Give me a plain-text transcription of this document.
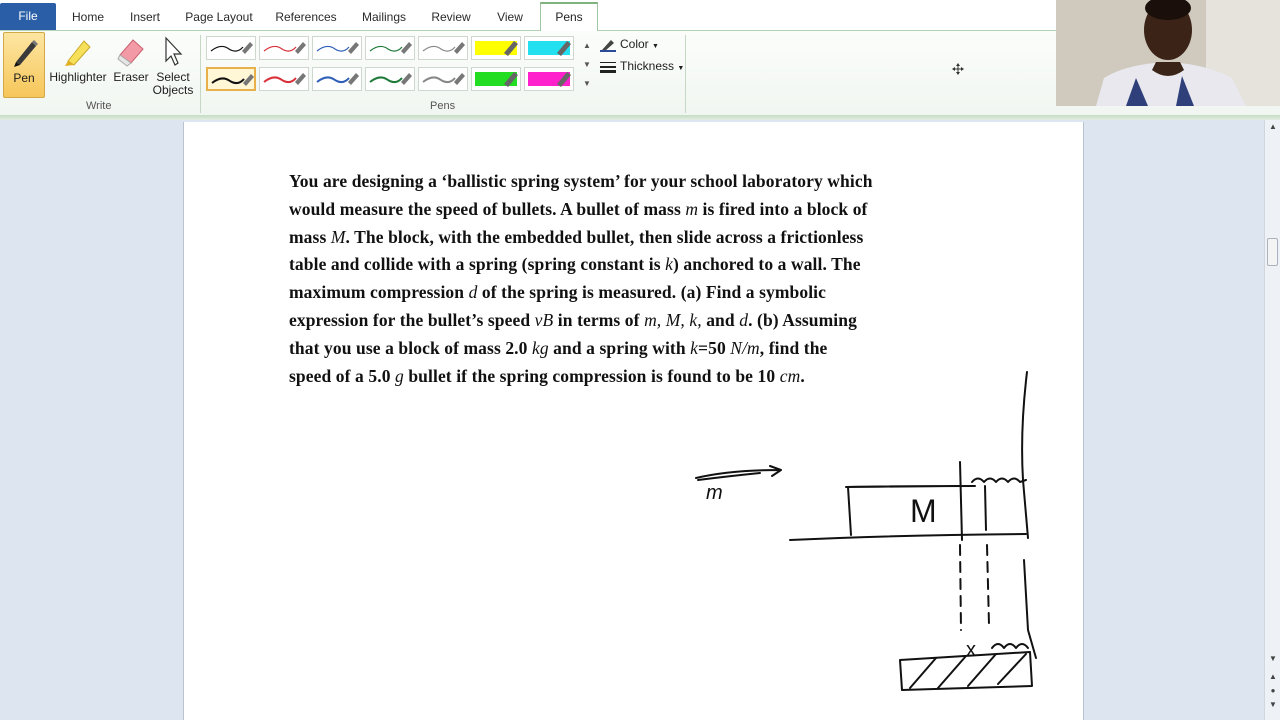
File	Home	Insert	Page Layout References	Mailings	Review	View	Pens
Pen	Highlighter Eraser Select
Objects
Write
▲
▼
▼
Color ▼
Thickness ▼
Pens
You are designing a ‘ballistic spring system’ for your school laboratory which
would measure the speed of bullets. A bullet of mass m is fired into a block of
mass M. The block, with the embedded bullet, then slide across a frictionless
table and collide with a spring (spring constant is k) anchored to a wall. The
maximum compression d of the spring is measured. (a) Find a symbolic
expression for the bullet’s speed vB in terms of m, M, k, and d. (b) Assuming
that you use a block of mass 2.0 kg and a spring with k=50 N/m, find the
speed of a 5.0 g bullet if the spring compression is found to be 10 cm.
m	M
x
▲
▼
▲
●
▼
